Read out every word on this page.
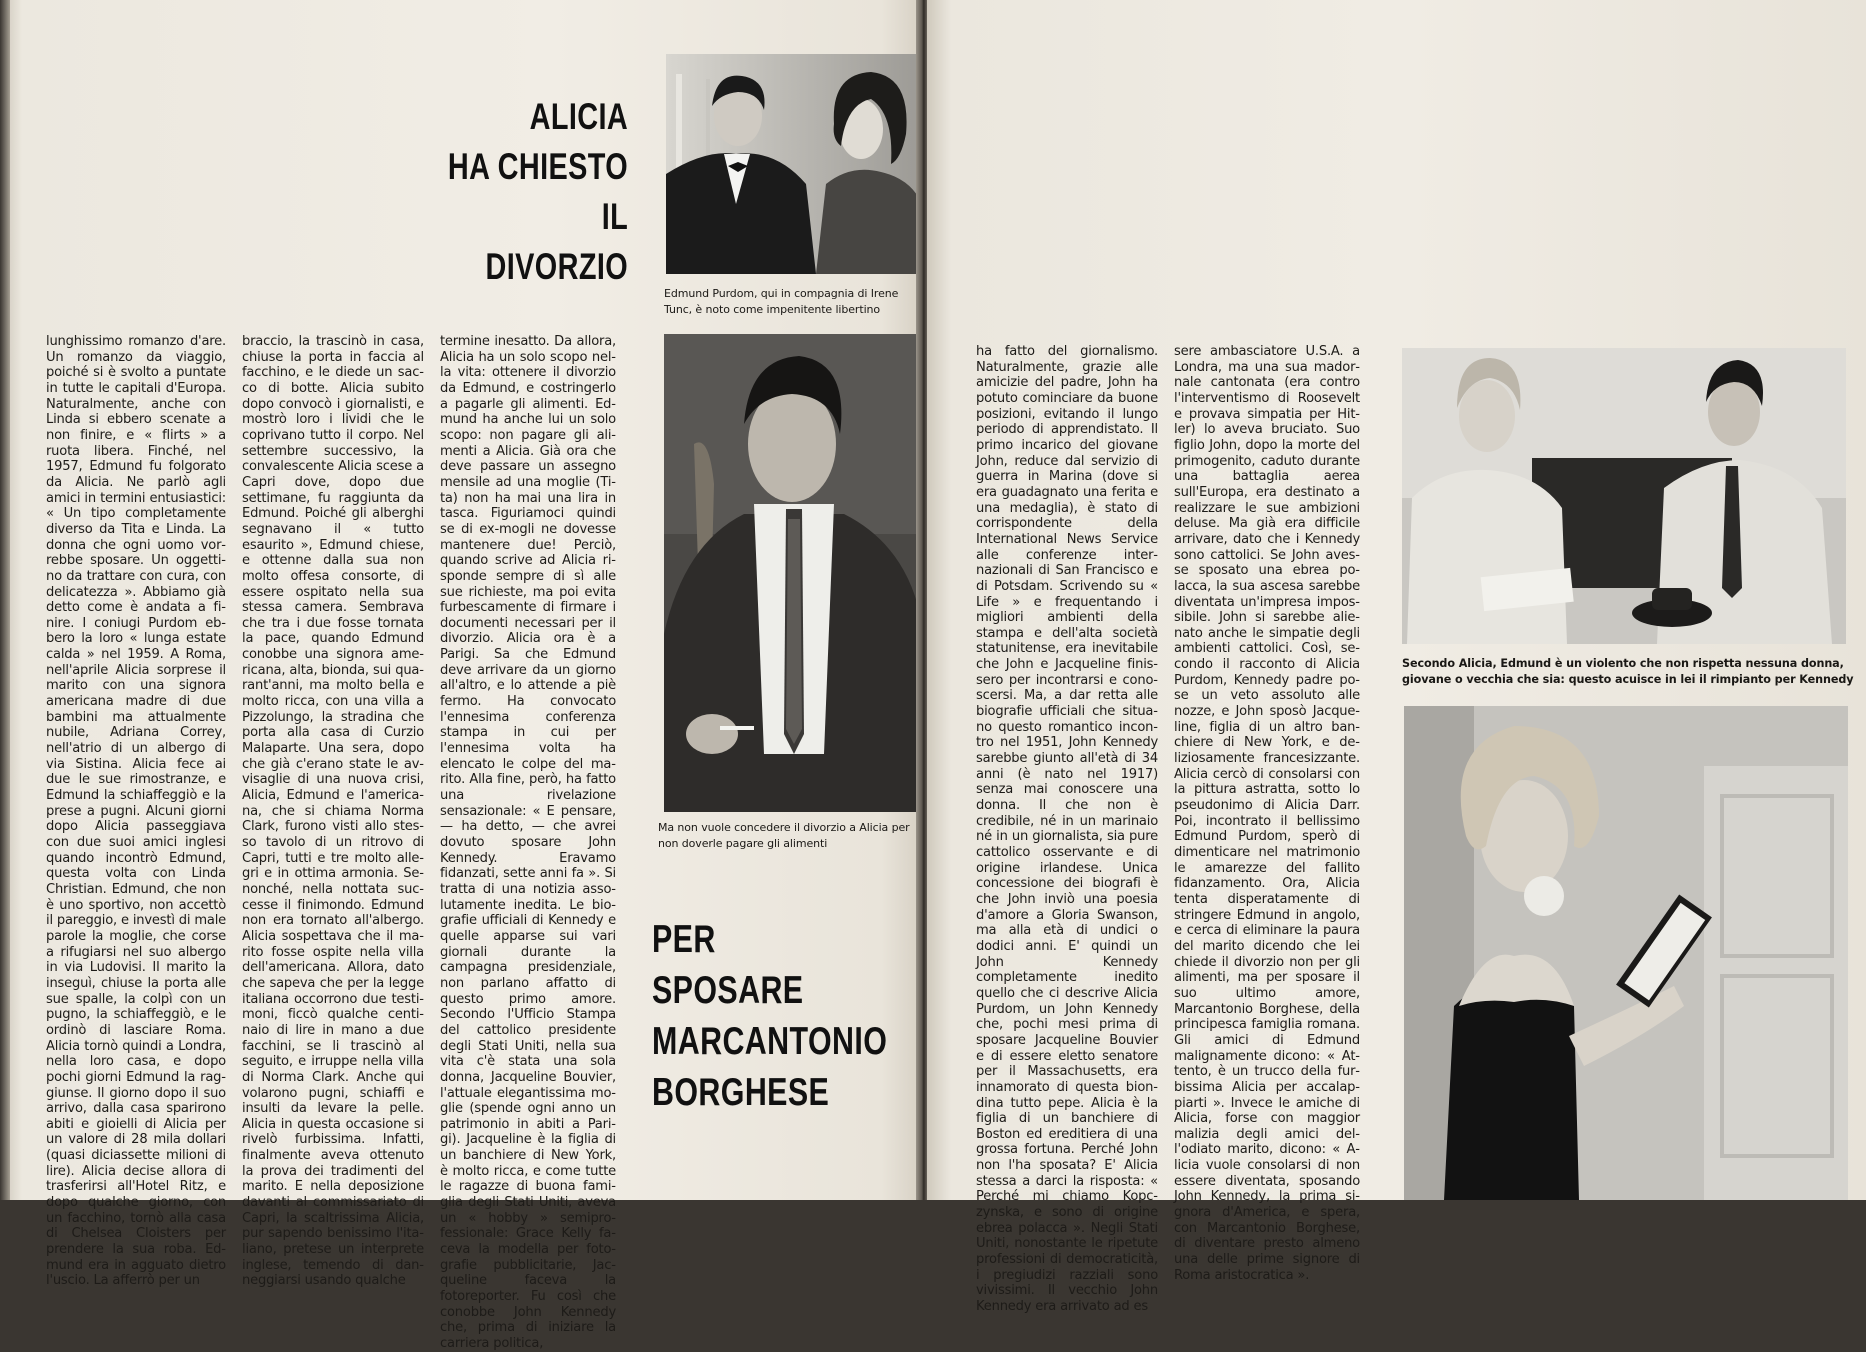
ALICIA
HA CHIESTO
IL
DIVORZIO

Edmund Purdom, qui in compagnia di Irene Tunc, è noto come impenitente libertino

Ma non vuole concedere il divorzio a Alicia per non doverle pagare gli alimenti

lunghissimo romanzo d'are. Un romanzo da viaggio, poiché si è svolto a puntate in tutte le capitali d'Europa. Naturalmente, anche con Linda si ebbero scenate a non finire, e « flirts » a ruota libera. Finché, nel 1957, Edmund fu folgorato da Alicia. Ne parlò agli amici in termini entusiastici: « Un tipo completamente diverso da Tita e Linda. La donna che ogni uomo vorrebbe sposare. Un oggettino da trattare con cura, con delicatezza ». Abbiamo già detto come è andata a finire. I coniugi Purdom ebbero la loro « lunga estate calda » nel 1959. A Roma, nell'aprile Alicia sorprese il marito con una signora americana madre di due bambini ma attualmente nubile, Adriana Correy, nell'atrio di un albergo di via Sistina. Alicia fece ai due le sue rimostranze, e Edmund la schiaffeggiò e la prese a pugni. Alcuni giorni dopo Alicia passeggiava con due suoi amici inglesi quando incontrò Edmund, questa volta con Linda Christian. Edmund, che non è uno sportivo, non accettò il pareggio, e investì di male parole la moglie, che corse a rifugiarsi nel suo albergo in via Ludovisi. Il marito la inseguì, chiuse la porta alle sue spalle, la colpì con un pugno, la schiaffeggiò, e le ordinò di lasciare Roma. Alicia tornò quindi a Londra, nella loro casa, e dopo pochi giorni Edmund la raggiunse. Il giorno dopo il suo arrivo, dalla casa sparirono abiti e gioielli di Alicia per un valore di 28 mila dollari (quasi diciassette milioni di lire). Alicia decise allora di trasferirsi all'Hotel Ritz, e dopo qualche giorno, con un facchino, tornò alla casa di Chelsea Cloisters per prendere la sua roba. Edmund era in agguato dietro l'uscio. La afferrò per un

braccio, la trascinò in casa, chiuse la porta in faccia al facchino, e le diede un sacco di botte. Alicia subito dopo convocò i giornalisti, e mostrò loro i lividi che le coprivano tutto il corpo. Nel settembre successivo, la convalescente Alicia scese a Capri dove, dopo due settimane, fu raggiunta da Edmund. Poiché gli alberghi segnavano il « tutto esaurito », Edmund chiese, e ottenne dalla sua non molto offesa consorte, di essere ospitato nella sua stessa camera. Sembrava che tra i due fosse tornata la pace, quando Edmund conobbe una signora americana, alta, bionda, sui quarant'anni, ma molto bella e molto ricca, con una villa a Pizzolungo, la stradina che porta alla casa di Curzio Malaparte. Una sera, dopo che già c'erano state le avvisaglie di una nuova crisi, Alicia, Edmund e l'americana, che si chiama Norma Clark, furono visti allo stesso tavolo di un ritrovo di Capri, tutti e tre molto allegri e in ottima armonia. Senonché, nella nottata successe il finimondo. Edmund non era tornato all'albergo. Alicia sospettava che il marito fosse ospite nella villa dell'americana. Allora, dato che sapeva che per la legge italiana occorrono due testimoni, ficcò qualche centinaio di lire in mano a due facchini, se li trascinò al seguito, e irruppe nella villa di Norma Clark. Anche qui volarono pugni, schiaffi e insulti da levare la pelle. Alicia in questa occasione si rivelò furbissima. Infatti, finalmente aveva ottenuto la prova dei tradimenti del marito. E nella deposizione davanti al commissariato di Capri, la scaltrissima Alicia, pur sapendo benissimo l'italiano, pretese un interprete inglese, temendo di danneggiarsi usando qualche

termine inesatto. Da allora, Alicia ha un solo scopo nella vita: ottenere il divorzio da Edmund, e costringerlo a pagarle gli alimenti. Edmund ha anche lui un solo scopo: non pagare gli alimenti a Alicia. Già ora che deve passare un assegno mensile ad una moglie (Tita) non ha mai una lira in tasca. Figuriamoci quindi se di ex-mogli ne dovesse mantenere due! Perciò, quando scrive ad Alicia risponde sempre di sì alle sue richieste, ma poi evita furbescamente di firmare i documenti necessari per il divorzio. Alicia ora è a Parigi. Sa che Edmund deve arrivare da un giorno all'altro, e lo attende a piè fermo. Ha convocato l'ennesima conferenza stampa in cui per l'ennesima volta ha elencato le colpe del marito. Alla fine, però, ha fatto una rivelazione sensazionale: « E pensare, — ha detto, — che avrei dovuto sposare John Kennedy. Eravamo fidanzati, sette anni fa ». Si tratta di una notizia assolutamente inedita. Le biografie ufficiali di Kennedy e quelle apparse sui vari giornali durante la campagna presidenziale, non parlano affatto di questo primo amore. Secondo l'Ufficio Stampa del cattolico presidente degli Stati Uniti, nella sua vita c'è stata una sola donna, Jacqueline Bouvier, l'attuale elegantissima moglie (spende ogni anno un patrimonio in abiti a Parigi). Jacqueline è la figlia di un banchiere di New York, è molto ricca, e come tutte le ragazze di buona famiglia degli Stati Uniti, aveva un « hobby » semiprofessionale: Grace Kelly faceva la modella per fotografie pubblicitarie, Jacqueline faceva la fotoreporter. Fu così che conobbe John Kennedy che, prima di iniziare la carriera politica,

PER
SPOSARE
MARCANTONIO
BORGHESE

ha fatto del giornalismo. Naturalmente, grazie alle amicizie del padre, John ha potuto cominciare da buone posizioni, evitando il lungo periodo di apprendistato. Il primo incarico del giovane John, reduce dal servizio di guerra in Marina (dove si era guadagnato una ferita e una medaglia), è stato di corrispondente della International News Service alle conferenze internazionali di San Francisco e di Potsdam. Scrivendo su « Life » e frequentando i migliori ambienti della stampa e dell'alta società statunitense, era inevitabile che John e Jacqueline finissero per incontrarsi e conoscersi. Ma, a dar retta alle biografie ufficiali che situano questo romantico incontro nel 1951, John Kennedy sarebbe giunto all'età di 34 anni (è nato nel 1917) senza mai conoscere una donna. Il che non è credibile, né in un marinaio né in un giornalista, sia pure cattolico osservante e di origine irlandese. Unica concessione dei biografi è che John inviò una poesia d'amore a Gloria Swanson, ma alla età di undici o dodici anni. E' quindi un John Kennedy completamente inedito quello che ci descrive Alicia Purdom, un John Kennedy che, pochi mesi prima di sposare Jacqueline Bouvier e di essere eletto senatore per il Massachusetts, era innamorato di questa biondina tutto pepe. Alicia è la figlia di un banchiere di Boston ed ereditiera di una grossa fortuna. Perché John non l'ha sposata? E' Alicia stessa a darci la risposta: « Perché mi chiamo Kopczynska, e sono di origine ebrea polacca ». Negli Stati Uniti, nonostante le ripetute professioni di democraticità, i pregiudizi razziali sono vivissimi. Il vecchio John Kennedy era arrivato ad es

sere ambasciatore U.S.A. a Londra, ma una sua madornale cantonata (era contro l'interventismo di Roosevelt e provava simpatia per Hitler) lo aveva bruciato. Suo figlio John, dopo la morte del primogenito, caduto durante una battaglia aerea sull'Europa, era destinato a realizzare le sue ambizioni deluse. Ma già era difficile arrivare, dato che i Kennedy sono cattolici. Se John avesse sposato una ebrea polacca, la sua ascesa sarebbe diventata un'impresa impossibile. John si sarebbe alienato anche le simpatie degli ambienti cattolici. Così, secondo il racconto di Alicia Purdom, Kennedy padre pose un veto assoluto alle nozze, e John sposò Jacqueline, figlia di un altro banchiere di New York, e deliziosamente francesizzante. Alicia cercò di consolarsi con la pittura astratta, sotto lo pseudonimo di Alicia Darr. Poi, incontrato il bellissimo Edmund Purdom, sperò di dimenticare nel matrimonio le amarezze del fallito fidanzamento. Ora, Alicia tenta disperatamente di stringere Edmund in angolo, e cerca di eliminare la paura del marito dicendo che lei chiede il divorzio non per gli alimenti, ma per sposare il suo ultimo amore, Marcantonio Borghese, della principesca famiglia romana. Gli amici di Edmund malignamente dicono: « Attento, è un trucco della furbissima Alicia per accalappiarti ». Invece le amiche di Alicia, forse con maggior malizia degli amici dell'odiato marito, dicono: « Alicia vuole consolarsi di non essere diventata, sposando John Kennedy, la prima signora d'America, e spera, con Marcantonio Borghese, di diventare presto almeno una delle prime signore di Roma aristocratica ».

Secondo Alicia, Edmund è un violento che non rispetta nessuna donna, giovane o vecchia che sia: questo acuisce in lei il rimpianto per Kennedy
